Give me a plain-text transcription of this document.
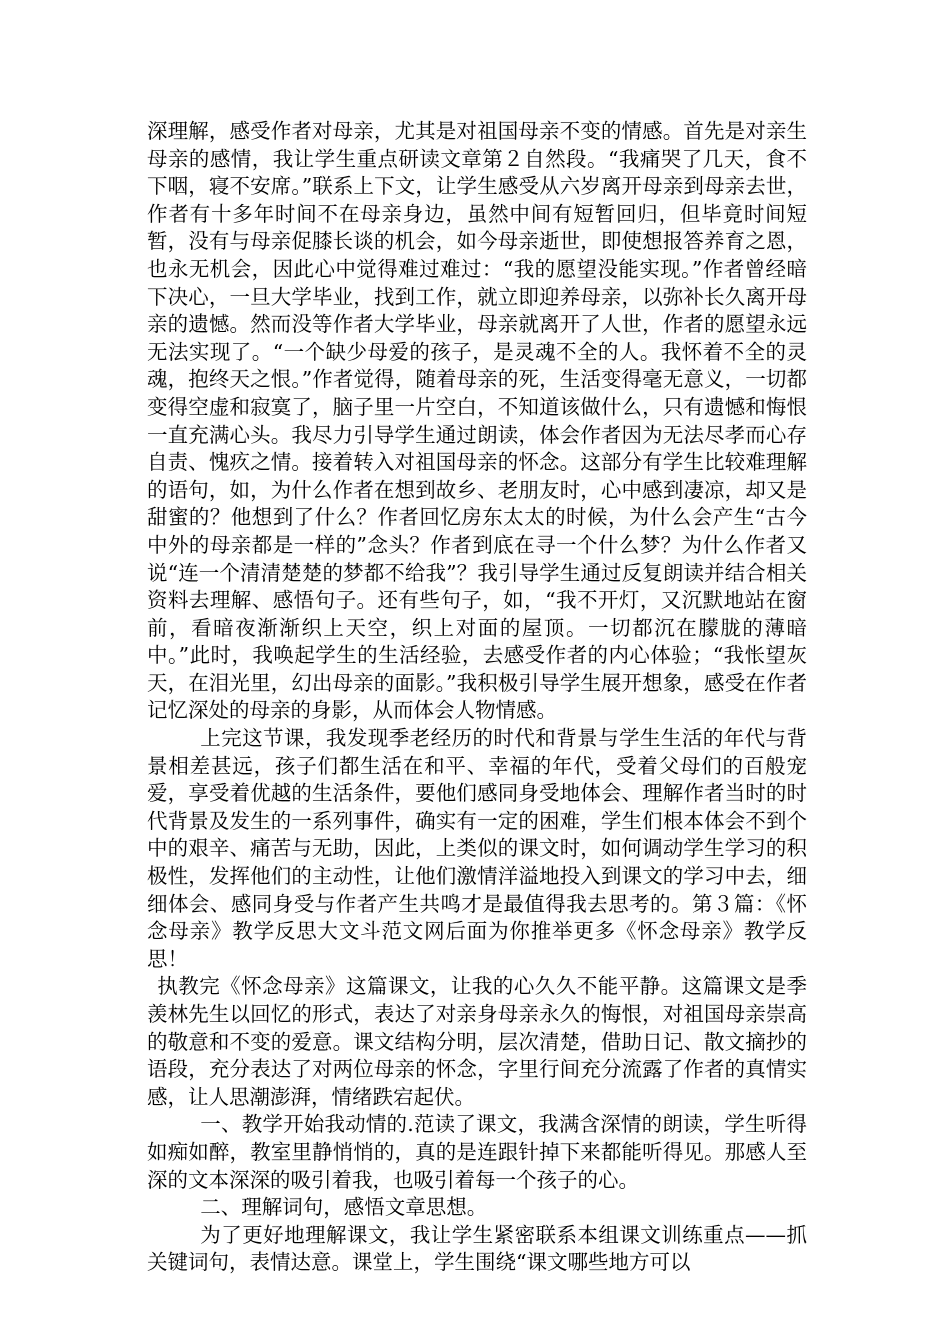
深理解，感受作者对母亲，尤其是对祖国母亲不变的情感。首先是对亲生母亲的感情，我让学生重点研读文章第２自然段。“我痛哭了几天，食不下咽，寝不安席。”联系上下文，让学生感受从六岁离开母亲到母亲去世，作者有十多年时间不在母亲身边，虽然中间有短暂回归，但毕竟时间短暂，没有与母亲促膝长谈的机会，如今母亲逝世，即使想报答养育之恩，也永无机会，因此心中觉得难过难过：“我的愿望没能实现。”作者曾经暗下决心，一旦大学毕业，找到工作，就立即迎养母亲，以弥补长久离开母亲的遗憾。然而没等作者大学毕业，母亲就离开了人世，作者的愿望永远无法实现了。“一个缺少母爱的孩子，是灵魂不全的人。我怀着不全的灵魂，抱终天之恨。”作者觉得，随着母亲的死，生活变得毫无意义，一切都变得空虚和寂寞了，脑子里一片空白，不知道该做什么，只有遗憾和悔恨一直充满心头。我尽力引导学生通过朗读，体会作者因为无法尽孝而心存自责、愧疚之情。接着转入对祖国母亲的怀念。这部分有学生比较难理解的语句，如，为什么作者在想到故乡、老朋友时，心中感到凄凉，却又是甜蜜的？他想到了什么？作者回忆房东太太的时候，为什么会产生“古今中外的母亲都是一样的”念头？作者到底在寻一个什么梦？为什么作者又说“连一个清清楚楚的梦都不给我”？我引导学生通过反复朗读并结合相关资料去理解、感悟句子。还有些句子，如，“我不开灯，又沉默地站在窗前，看暗夜渐渐织上天空，织上对面的屋顶。一切都沉在朦胧的薄暗中。”此时，我唤起学生的生活经验，去感受作者的内心体验；“我怅望灰天，在泪光里，幻出母亲的面影。”我积极引导学生展开想象，感受在作者记忆深处的母亲的身影，从而体会人物情感。

上完这节课，我发现季老经历的时代和背景与学生生活的年代与背景相差甚远，孩子们都生活在和平、幸福的年代，受着父母们的百般宠爱，享受着优越的生活条件，要他们感同身受地体会、理解作者当时的时代背景及发生的一系列事件，确实有一定的困难，学生们根本体会不到个中的艰辛、痛苦与无助，因此，上类似的课文时，如何调动学生学习的积极性，发挥他们的主动性，让他们激情洋溢地投入到课文的学习中去，细细体会、感同身受与作者产生共鸣才是最值得我去思考的。第３篇：《怀念母亲》教学反思大文斗范文网后面为你推举更多《怀念母亲》教学反思！

执教完《怀念母亲》这篇课文，让我的心久久不能平静。这篇课文是季羡林先生以回忆的形式，表达了对亲身母亲永久的悔恨，对祖国母亲崇高的敬意和不变的爱意。课文结构分明，层次清楚，借助日记、散文摘抄的语段，充分表达了对两位母亲的怀念，字里行间充分流露了作者的真情实感，让人思潮澎湃，情绪跌宕起伏。

一、教学开始我动情的.范读了课文，我满含深情的朗读，学生听得如痴如醉，教室里静悄悄的，真的是连跟针掉下来都能听得见。那感人至深的文本深深的吸引着我，也吸引着每一个孩子的心。

二、理解词句，感悟文章思想。

为了更好地理解课文，我让学生紧密联系本组课文训练重点——抓关键词句，表情达意。课堂上，学生围绕“课文哪些地方可以
